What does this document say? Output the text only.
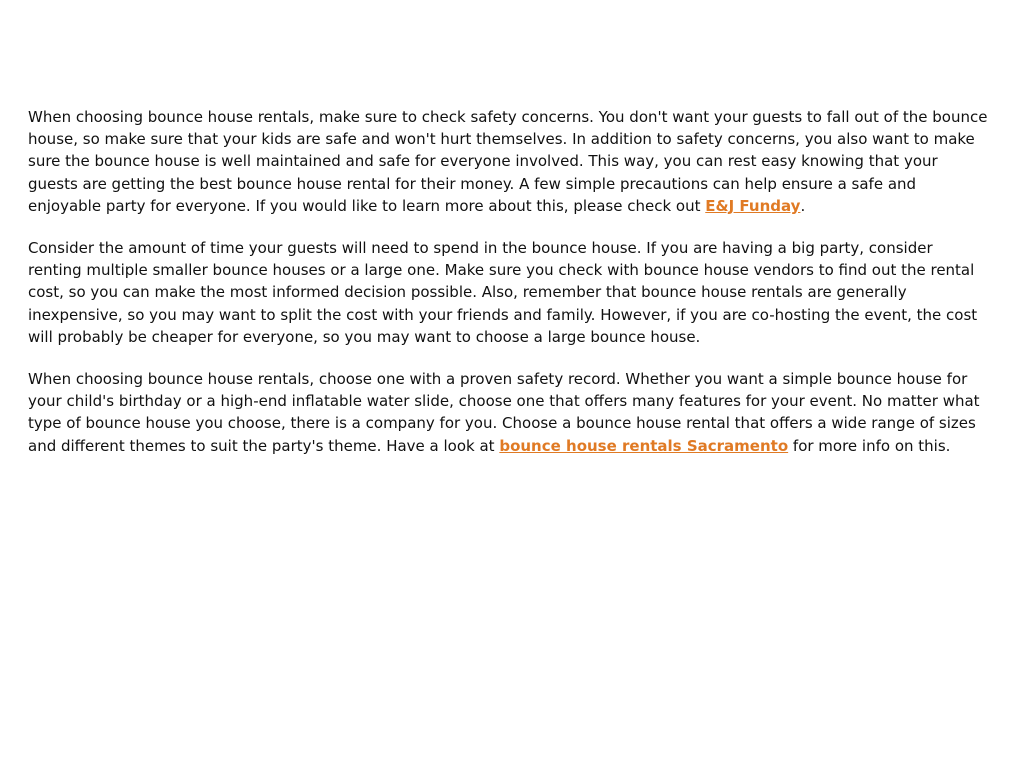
When choosing bounce house rentals, make sure to check safety concerns. You don't want your guests to fall out of the bounce house, so make sure that your kids are safe and won't hurt themselves. In addition to safety concerns, you also want to make sure the bounce house is well maintained and safe for everyone involved. This way, you can rest easy knowing that your guests are getting the best bounce house rental for their money. A few simple precautions can help ensure a safe and enjoyable party for everyone. If you would like to learn more about this, please check out E&J Funday.

Consider the amount of time your guests will need to spend in the bounce house. If you are having a big party, consider renting multiple smaller bounce houses or a large one. Make sure you check with bounce house vendors to find out the rental cost, so you can make the most informed decision possible. Also, remember that bounce house rentals are generally inexpensive, so you may want to split the cost with your friends and family. However, if you are co-hosting the event, the cost will probably be cheaper for everyone, so you may want to choose a large bounce house.

When choosing bounce house rentals, choose one with a proven safety record. Whether you want a simple bounce house for your child's birthday or a high-end inflatable water slide, choose one that offers many features for your event. No matter what type of bounce house you choose, there is a company for you. Choose a bounce house rental that offers a wide range of sizes and different themes to suit the party's theme. Have a look at bounce house rentals Sacramento for more info on this.
